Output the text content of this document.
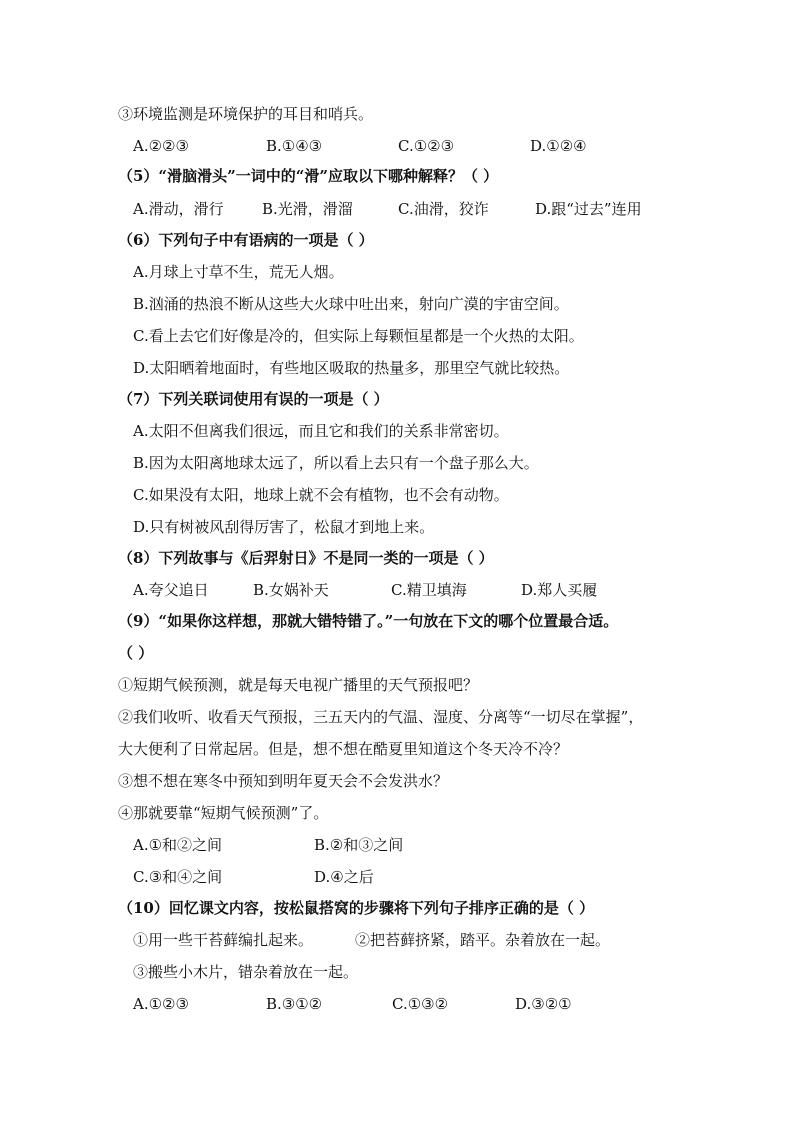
③环境监测是环境保护的耳目和哨兵。
A.②②③	B.①④③	C.①②③	D.①②④
（5）“滑脑滑头”一词中的“滑”应取以下哪种解释？（ ）
A.滑动，滑行	B.光滑，滑溜	C.油滑，狡诈	D.跟“过去”连用
（6）下列句子中有语病的一项是（ ）
A.月球上寸草不生，荒无人烟。
B.汹涌的热浪不断从这些大火球中吐出来，射向广漠的宇宙空间。
C.看上去它们好像是冷的，但实际上每颗恒星都是一个火热的太阳。
D.太阳晒着地面时，有些地区吸取的热量多，那里空气就比较热。
（7）下列关联词使用有误的一项是（ ）
A.太阳不但离我们很远，而且它和我们的关系非常密切。
B.因为太阳离地球太远了，所以看上去只有一个盘子那么大。
C.如果没有太阳，地球上就不会有植物，也不会有动物。
D.只有树被风刮得厉害了，松鼠才到地上来。
（8）下列故事与《后羿射日》不是同一类的一项是（ ）
A.夸父追日	B.女娲补天	C.精卫填海	D.郑人买履
（9）“如果你这样想，那就大错特错了。”一句放在下文的哪个位置最合适。
（ ）
①短期气候预测，就是每天电视广播里的天气预报吧？
②我们收听、收看天气预报，三五天内的气温、湿度、分离等“一切尽在掌握”，
大大便利了日常起居。但是，想不想在酷夏里知道这个冬天冷不冷？
③想不想在寒冬中预知到明年夏天会不会发洪水？
④那就要靠“短期气候预测”了。
A.①和②之间	B.②和③之间
C.③和④之间	D.④之后
（10）回忆课文内容，按松鼠搭窝的步骤将下列句子排序正确的是（ ）
①用一些干苔藓编扎起来。	②把苔藓挤紧，踏平。杂着放在一起。
③搬些小木片，错杂着放在一起。
A.①②③	B.③①②	C.①③②	D.③②①
